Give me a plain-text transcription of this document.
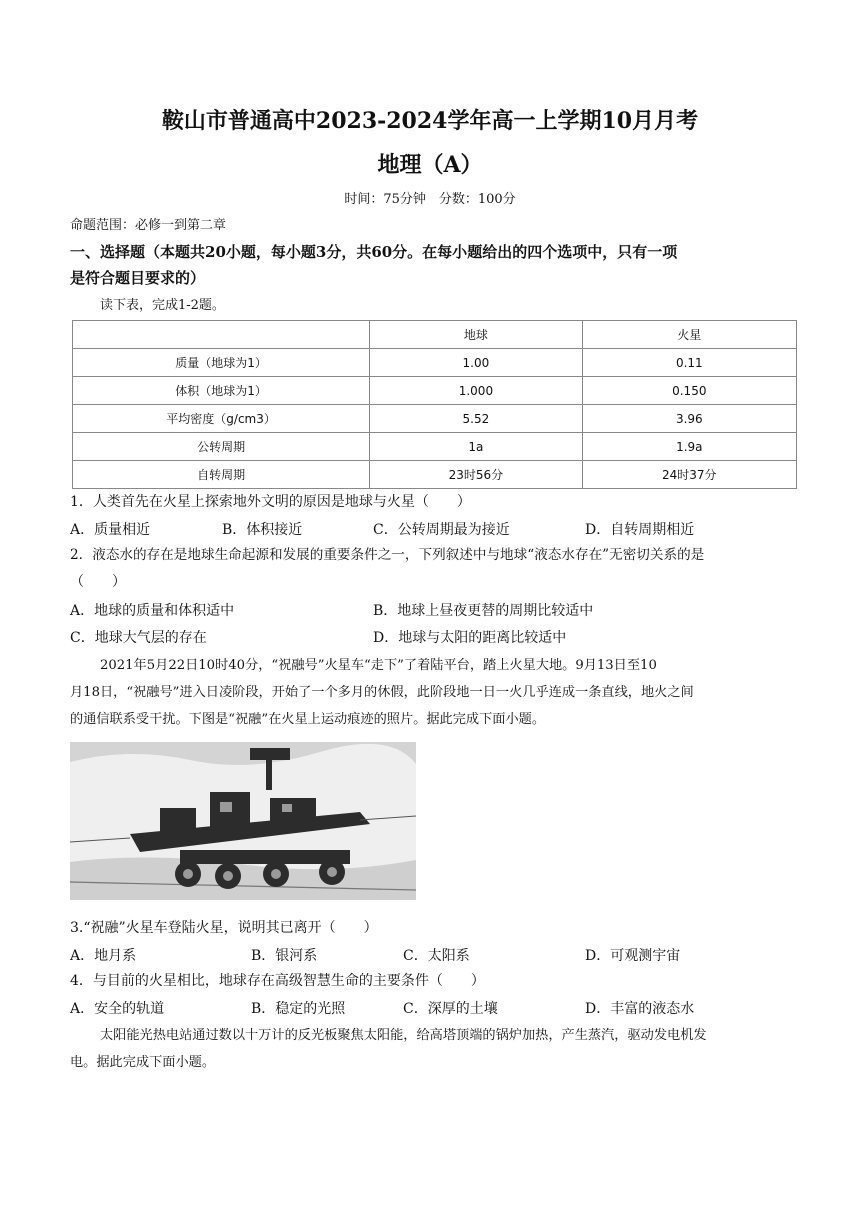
鞍山市普通高中2023-2024学年高一上学期10月月考
地理（A）
时间：75分钟　分数：100分
命题范围：必修一到第二章
一、选择题（本题共20小题，每小题3分，共60分。在每小题给出的四个选项中，只有一项
是符合题目要求的）
读下表，完成1-2题。
	地球	火星
质量（地球为1）	1.00	0.11
体积（地球为1）	1.000	0.150
平均密度（g/cm3）	5.52	3.96
公转周期	1a	1.9a
自转周期	23时56分	24时37分
1．人类首先在火星上探索地外文明的原因是地球与火星（　　）
A．质量相近	B．体积接近	C．公转周期最为接近	D．自转周期相近
2．液态水的存在是地球生命起源和发展的重要条件之一，下列叙述中与地球“液态水存在”无密切关系的是
（　　）
A．地球的质量和体积适中	B．地球上昼夜更替的周期比较适中
C．地球大气层的存在	D．地球与太阳的距离比较适中
2021年5月22日10时40分，“祝融号”火星车“走下”了着陆平台，踏上火星大地。9月13日至10
月18日，“祝融号”进入日凌阶段，开始了一个多月的休假，此阶段地一日一火几乎连成一条直线，地火之间
的通信联系受干扰。下图是“祝融”在火星上运动痕迹的照片。据此完成下面小题。
3.“祝融”火星车登陆火星，说明其已离开（　　）
A．地月系	B．银河系	C．太阳系	D．可观测宇宙
4．与目前的火星相比，地球存在高级智慧生命的主要条件（　　）
A．安全的轨道	B．稳定的光照	C．深厚的土壤	D．丰富的液态水
太阳能光热电站通过数以十万计的反光板聚焦太阳能，给高塔顶端的锅炉加热，产生蒸汽，驱动发电机发
电。据此完成下面小题。
